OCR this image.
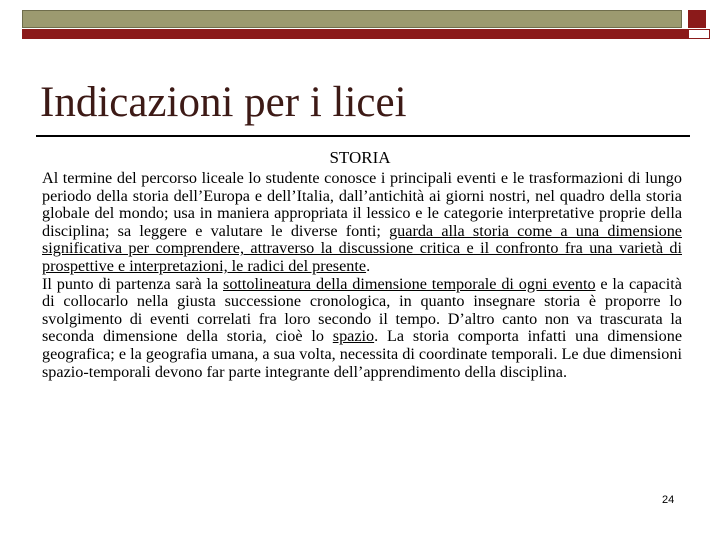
Indicazioni per i licei
STORIA

Al termine del percorso liceale lo studente conosce i principali eventi e le trasformazioni di lungo periodo della storia dell’Europa e dell’Italia, dall’antichità ai giorni nostri, nel quadro della storia globale del mondo; usa in maniera appropriata il lessico e le categorie interpretative proprie della disciplina; sa leggere e valutare le diverse fonti; guarda alla storia come a una dimensione significativa per comprendere, attraverso la discussione critica e il confronto fra una varietà di prospettive e interpretazioni, le radici del presente.

Il punto di partenza sarà la sottolineatura della dimensione temporale di ogni evento e la capacità di collocarlo nella giusta successione cronologica, in quanto insegnare storia è proporre lo svolgimento di eventi correlati fra loro secondo il tempo. D’altro canto non va trascurata la seconda dimensione della storia, cioè lo spazio. La storia comporta infatti una dimensione geografica; e la geografia umana, a sua volta, necessita di coordinate temporali. Le due dimensioni spazio-temporali devono far parte integrante dell’apprendimento della disciplina.

24
